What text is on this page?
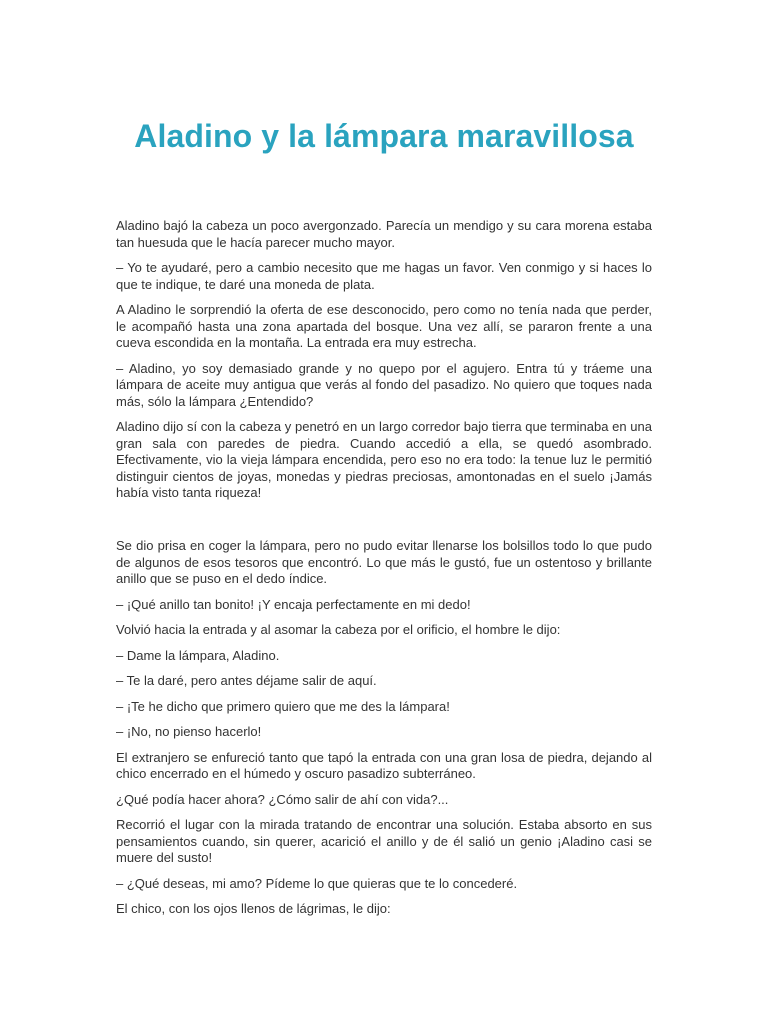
Aladino y la lámpara maravillosa

Aladino bajó la cabeza un poco avergonzado. Parecía un mendigo y su cara morena estaba tan huesuda que le hacía parecer mucho mayor.

– Yo te ayudaré, pero a cambio necesito que me hagas un favor. Ven conmigo y si haces lo que te indique, te daré una moneda de plata.

A Aladino le sorprendió la oferta de ese desconocido, pero como no tenía nada que perder, le acompañó hasta una zona apartada del bosque. Una vez allí, se pararon frente a una cueva escondida en la montaña. La entrada era muy estrecha.

– Aladino, yo soy demasiado grande y no quepo por el agujero. Entra tú y tráeme una lámpara de aceite muy antigua que verás al fondo del pasadizo. No quiero que toques nada más, sólo la lámpara ¿Entendido?

Aladino dijo sí con la cabeza y penetró en un largo corredor bajo tierra que terminaba en una gran sala con paredes de piedra. Cuando accedió a ella, se quedó asombrado. Efectivamente, vio la vieja lámpara encendida, pero eso no era todo: la tenue luz le permitió distinguir cientos de joyas, monedas y piedras preciosas, amontonadas en el suelo ¡Jamás había visto tanta riqueza!

Se dio prisa en coger la lámpara, pero no pudo evitar llenarse los bolsillos todo lo que pudo de algunos de esos tesoros que encontró. Lo que más le gustó, fue un ostentoso y brillante anillo que se puso en el dedo índice.

– ¡Qué anillo tan bonito! ¡Y encaja perfectamente en mi dedo!

Volvió hacia la entrada y al asomar la cabeza por el orificio, el hombre le dijo:

– Dame la lámpara, Aladino.

– Te la daré, pero antes déjame salir de aquí.

– ¡Te he dicho que primero quiero que me des la lámpara!

– ¡No, no pienso hacerlo!

El extranjero se enfureció tanto que tapó la entrada con una gran losa de piedra, dejando al chico encerrado en el húmedo y oscuro pasadizo subterráneo.

¿Qué podía hacer ahora? ¿Cómo salir de ahí con vida?...

Recorrió el lugar con la mirada tratando de encontrar una solución. Estaba absorto en sus pensamientos cuando, sin querer, acarició el anillo y de él salió un genio ¡Aladino casi se muere del susto!

– ¿Qué deseas, mi amo? Pídeme lo que quieras que te lo concederé.

El chico, con los ojos llenos de lágrimas, le dijo:
